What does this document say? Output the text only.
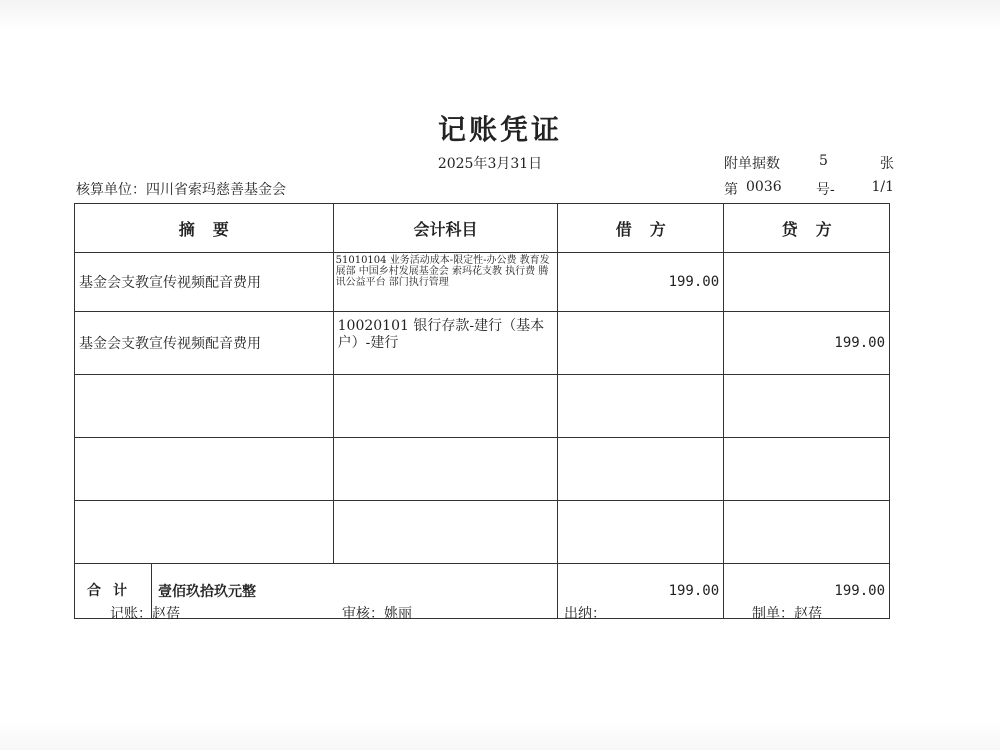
记账凭证
2025年3月31日	附单据数	5	张
核算单位：四川省索玛慈善基金会	第 0036 号-	1/1
摘要	会计科目	借方	贷方
基金会支教宣传视频配音费用	51010104 业务活动成本-限定性-办公费 教育发展部 中国乡村发展基金会 索玛花支教 执行费 腾讯公益平台 部门执行管理	199.00	
基金会支教宣传视频配音费用	10020101 银行存款-建行（基本户）-建行		199.00

合计 壹佰玖拾玖元整		199.00	199.00
记账：赵蓓	审核：姚丽	出纳：	制单：赵蓓
